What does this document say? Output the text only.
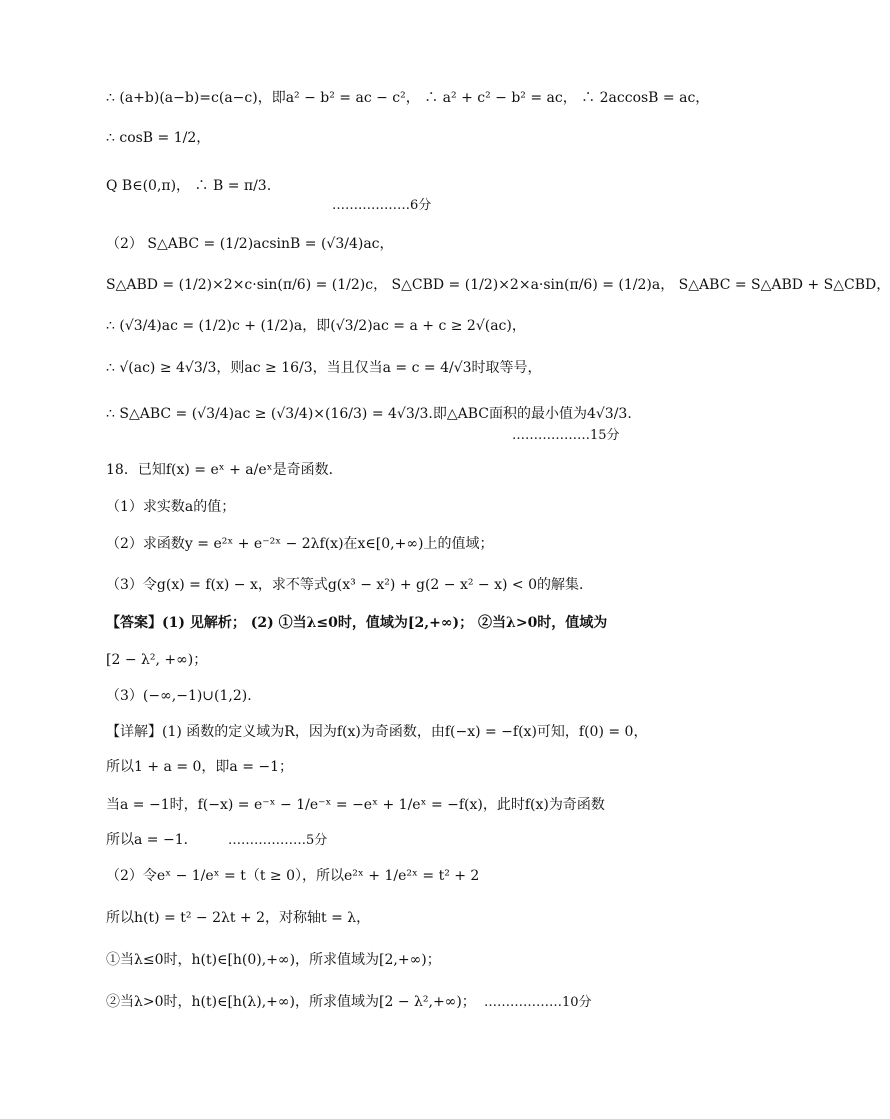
∴ (a+b)(a−b)=c(a−c)，即a² − b² = ac − c²， ∴ a² + c² − b² = ac， ∴ 2accosB = ac，
∴ cosB = 1/2，
Q B∈(0,π)， ∴ B = π/3.
………………6分
（2） S△ABC = (1/2)acsinB = (√3/4)ac，
S△ABD = (1/2)×2×c·sin(π/6) = (1/2)c， S△CBD = (1/2)×2×a·sin(π/6) = (1/2)a， S△ABC = S△ABD + S△CBD，
∴ (√3/4)ac = (1/2)c + (1/2)a，即(√3/2)ac = a + c ≥ 2√(ac)，
∴ √(ac) ≥ 4√3/3，则ac ≥ 16/3，当且仅当a = c = 4/√3时取等号，
∴ S△ABC = (√3/4)ac ≥ (√3/4)×(16/3) = 4√3/3.即△ABC面积的最小值为4√3/3.
………………15分
18．已知f(x) = eˣ + a/eˣ是奇函数．
（1）求实数a的值；
（2）求函数y = e²ˣ + e⁻²ˣ − 2λf(x)在x∈[0,+∞)上的值域；
（3）令g(x) = f(x) − x，求不等式g(x³ − x²) + g(2 − x² − x) < 0的解集．
【答案】(1) 见解析； (2) ①当λ≤0时，值域为[2,+∞)； ②当λ>0时，值域为
[2 − λ², +∞)；
（3）(−∞,−1)∪(1,2).
【详解】(1) 函数的定义域为R，因为f(x)为奇函数，由f(−x) = −f(x)可知，f(0) = 0，
所以1 + a = 0，即a = −1；
当a = −1时，f(−x) = e⁻ˣ − 1/e⁻ˣ = −eˣ + 1/eˣ = −f(x)，此时f(x)为奇函数
所以a = −1． ………………5分
（2）令eˣ − 1/eˣ = t（t ≥ 0），所以e²ˣ + 1/e²ˣ = t² + 2
所以h(t) = t² − 2λt + 2，对称轴t = λ，
①当λ≤0时，h(t)∈[h(0),+∞)，所求值域为[2,+∞)；
②当λ>0时，h(t)∈[h(λ),+∞)，所求值域为[2 − λ²,+∞)； ………………10分
